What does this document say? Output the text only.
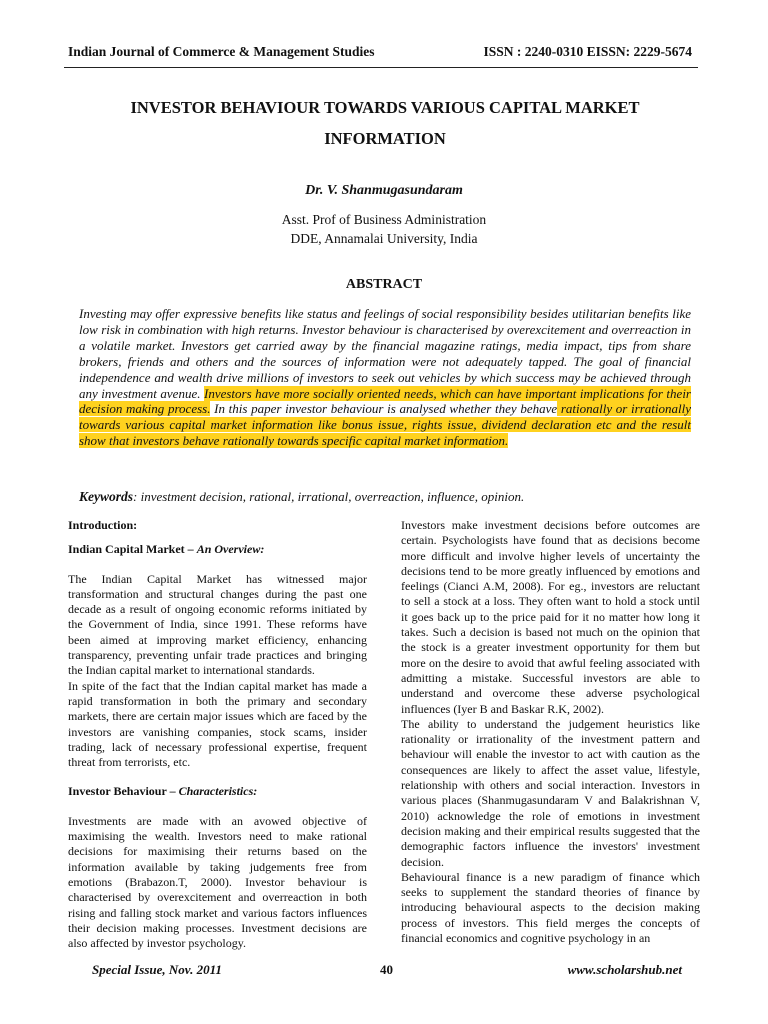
Indian Journal of Commerce & Management Studies	ISSN : 2240-0310 EISSN: 2229-5674
INVESTOR BEHAVIOUR TOWARDS VARIOUS CAPITAL MARKET
INFORMATION
Dr. V. Shanmugasundaram
Asst. Prof of Business Administration
DDE, Annamalai University, India
ABSTRACT
Investing may offer expressive benefits like status and feelings of social responsibility besides utilitarian benefits like low risk in combination with high returns. Investor behaviour is characterised by overexcitement and overreaction in a volatile market. Investors get carried away by the financial magazine ratings, media impact, tips from share brokers, friends and others and the sources of information were not adequately tapped. The goal of financial independence and wealth drive millions of investors to seek out vehicles by which success may be achieved through any investment avenue. Investors have more socially oriented needs, which can have important implications for their decision making process. In this paper investor behaviour is analysed whether they behave rationally or irrationally towards various capital market information like bonus issue, rights issue, dividend declaration etc and the result show that investors behave rationally towards specific capital market information.
Keywords: investment decision, rational, irrational, overreaction, influence, opinion.

Introduction:

Indian Capital Market – An Overview:

The Indian Capital Market has witnessed major transformation and structural changes during the past one decade as a result of ongoing economic reforms initiated by the Government of India, since 1991. These reforms have been aimed at improving market efficiency, enhancing transparency, preventing unfair trade practices and bringing the Indian capital market to international standards.

In spite of the fact that the Indian capital market has made a rapid transformation in both the primary and secondary markets, there are certain major issues which are faced by the investors are vanishing companies, stock scams, insider trading, lack of necessary professional expertise, frequent threat from terrorists, etc.

Investor Behaviour – Characteristics:

Investments are made with an avowed objective of maximising the wealth. Investors need to make rational decisions for maximising their returns based on the information available by taking judgements free from emotions (Brabazon.T, 2000). Investor behaviour is characterised by overexcitement and overreaction in both rising and falling stock market and various factors influences their decision making processes. Investment decisions are also affected by investor psychology.

Investors make investment decisions before outcomes are certain. Psychologists have found that as decisions become more difficult and involve higher levels of uncertainty the decisions tend to be more greatly influenced by emotions and feelings (Cianci A.M, 2008). For eg., investors are reluctant to sell a stock at a loss. They often want to hold a stock until it goes back up to the price paid for it no matter how long it takes. Such a decision is based not much on the opinion that the stock is a greater investment opportunity for them but more on the desire to avoid that awful feeling associated with admitting a mistake. Successful investors are able to understand and overcome these adverse psychological influences (Iyer B and Baskar R.K, 2002).

The ability to understand the judgement heuristics like rationality or irrationality of the investment pattern and behaviour will enable the investor to act with caution as the consequences are likely to affect the asset value, lifestyle, relationship with others and social interaction. Investors in various places (Shanmugasundaram V and Balakrishnan V, 2010) acknowledge the role of emotions in investment decision making and their empirical results suggested that the demographic factors influence the investors' investment decision.

Behavioural finance is a new paradigm of finance which seeks to supplement the standard theories of finance by introducing behavioural aspects to the decision making process of investors. This field merges the concepts of financial economics and cognitive psychology in an

Special Issue, Nov. 2011	40	www.scholarshub.net
